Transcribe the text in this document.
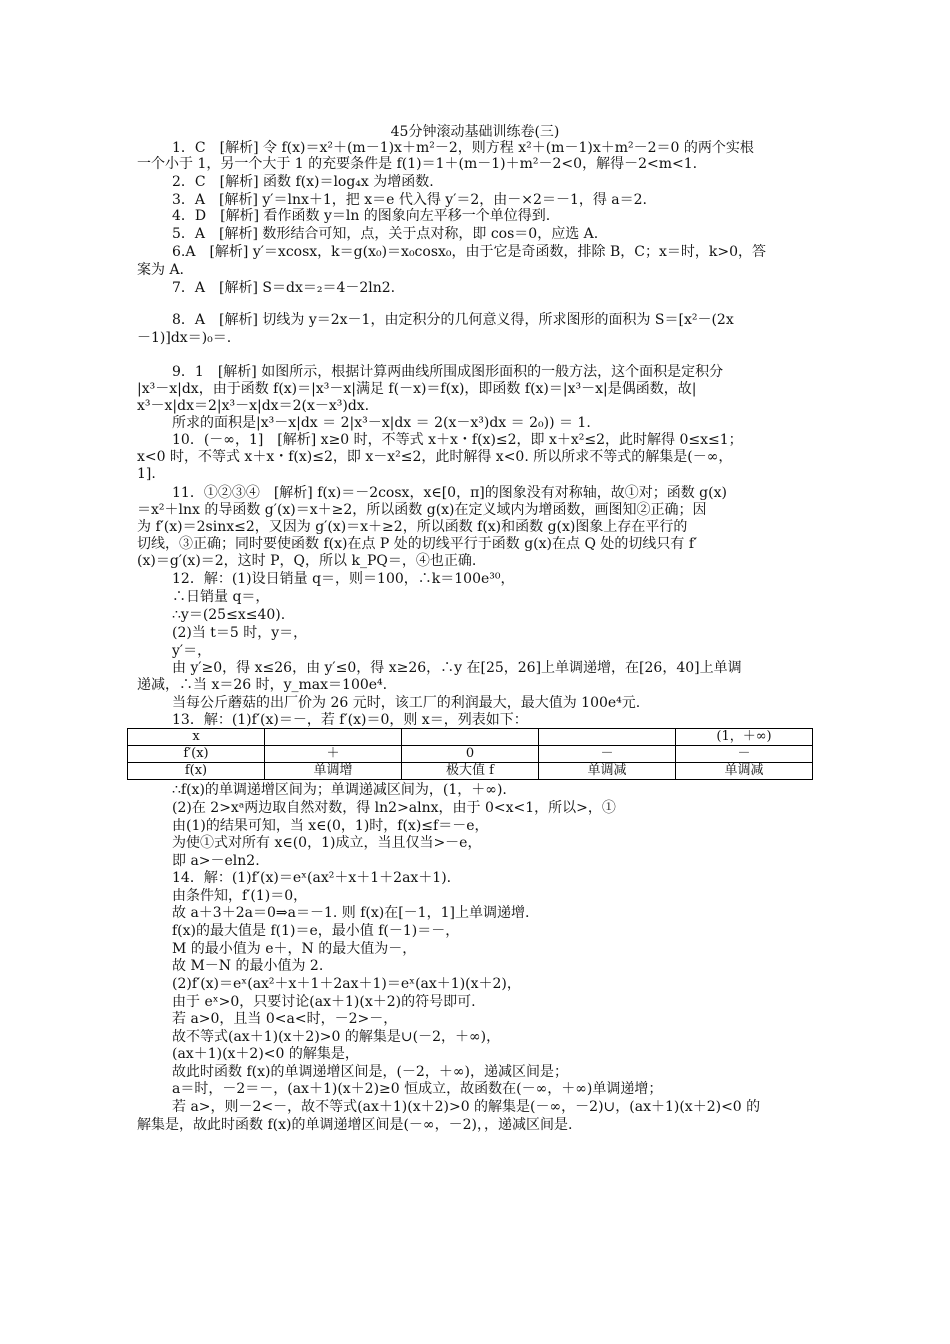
45分钟滚动基础训练卷(三)
1．C　[解析] 令 f(x)＝x²＋(m－1)x＋m²－2，则方程 x²＋(m－1)x＋m²－2＝0 的两个实根
一个小于 1，另一个大于 1 的充要条件是 f(1)＝1＋(m－1)＋m²－2<0，解得－2<m<1.
2．C　[解析] 函数 f(x)＝log₄x 为增函数.
3．A　[解析] y′＝lnx＋1，把 x＝e 代入得 y′＝2，由－×2＝－1，得 a＝2.
4．D　[解析] 看作函数 y＝ln 的图象向左平移一个单位得到.
5．A　[解析] 数形结合可知，点，关于点对称，即 cos＝0，应选 A.
6.A　[解析] y′＝xcosx，k＝g(x₀)＝x₀cosx₀，由于它是奇函数，排除 B，C；x＝时，k>0，答
案为 A.
7．A　[解析] S＝dx＝₂＝4－2ln2.
8．A　[解析] 切线为 y＝2x－1，由定积分的几何意义得，所求图形的面积为 S＝[x²－(2x
－1)]dx＝)₀＝.
9．1　[解析] 如图所示，根据计算两曲线所围成图形面积的一般方法，这个面积是定积分
|x³－x|dx，由于函数 f(x)＝|x³－x|满足 f(－x)＝f(x)，即函数 f(x)＝|x³－x|是偶函数，故|
x³－x|dx＝2|x³－x|dx＝2(x－x³)dx.
所求的面积是|x³－x|dx ＝ 2|x³－x|dx ＝ 2(x－x³)dx ＝ 2₀)) ＝ 1.
10．(－∞，1]　[解析] x≥0 时，不等式 x＋x・f(x)≤2，即 x＋x²≤2，此时解得 0≤x≤1；
x<0 时，不等式 x＋x・f(x)≤2，即 x－x²≤2，此时解得 x<0. 所以所求不等式的解集是(－∞，
1].
11．①②③④　[解析] f(x)＝－2cosx，x∈[0，π]的图象没有对称轴，故①对；函数 g(x)
＝x²＋lnx 的导函数 g′(x)＝x＋≥2，所以函数 g(x)在定义域内为增函数，画图知②正确；因
为 f′(x)＝2sinx≤2，又因为 g′(x)＝x＋≥2，所以函数 f(x)和函数 g(x)图象上存在平行的
切线，③正确；同时要使函数 f(x)在点 P 处的切线平行于函数 g(x)在点 Q 处的切线只有 f′
(x)＝g′(x)＝2，这时 P，Q，所以 k_PQ＝，④也正确.
12．解：(1)设日销量 q＝，则＝100，∴k＝100e³⁰，
∴日销量 q＝，
∴y＝(25≤x≤40).
(2)当 t＝5 时，y＝，
y′＝，
由 y′≥0，得 x≤26，由 y′≤0，得 x≥26，∴y 在[25，26]上单调递增，在[26，40]上单调
递减，∴当 x＝26 时，y_max＝100e⁴.
当每公斤蘑菇的出厂价为 26 元时，该工厂的利润最大，最大值为 100e⁴元.
13．解：(1)f′(x)＝－，若 f′(x)＝0，则 x＝，列表如下：
x				(1，＋∞)
f′(x)	＋	0	－	－
f(x)	单调增	极大值 f	单调减	单调减
∴f(x)的单调递增区间为；单调递减区间为，(1，＋∞).
(2)在 2>xᵃ两边取自然对数，得 ln2>alnx，由于 0<x<1，所以>，①
由(1)的结果可知，当 x∈(0，1)时，f(x)≤f＝－e，
为使①式对所有 x∈(0，1)成立，当且仅当>－e，
即 a>－eln2.
14．解：(1)f′(x)＝eˣ(ax²＋x＋1＋2ax＋1).
由条件知，f′(1)＝0，
故 a＋3＋2a＝0⇒a＝－1. 则 f(x)在[－1，1]上单调递增.
f(x)的最大值是 f(1)＝e，最小值 f(－1)＝－，
M 的最小值为 e＋，N 的最大值为－，
故 M－N 的最小值为 2.
(2)f′(x)＝eˣ(ax²＋x＋1＋2ax＋1)＝eˣ(ax＋1)(x＋2)，
由于 eˣ>0，只要讨论(ax＋1)(x＋2)的符号即可.
若 a>0，且当 0<a<时，－2>－，
故不等式(ax＋1)(x＋2)>0 的解集是∪(－2，＋∞)，
(ax＋1)(x＋2)<0 的解集是，
故此时函数 f(x)的单调递增区间是，(－2，＋∞)，递减区间是；
a＝时，－2＝－，(ax＋1)(x＋2)≥0 恒成立，故函数在(－∞，＋∞)单调递增；
若 a>，则－2<－，故不等式(ax＋1)(x＋2)>0 的解集是(－∞，－2)∪，(ax＋1)(x＋2)<0 的
解集是，故此时函数 f(x)的单调递增区间是(－∞，－2)，，递减区间是.
